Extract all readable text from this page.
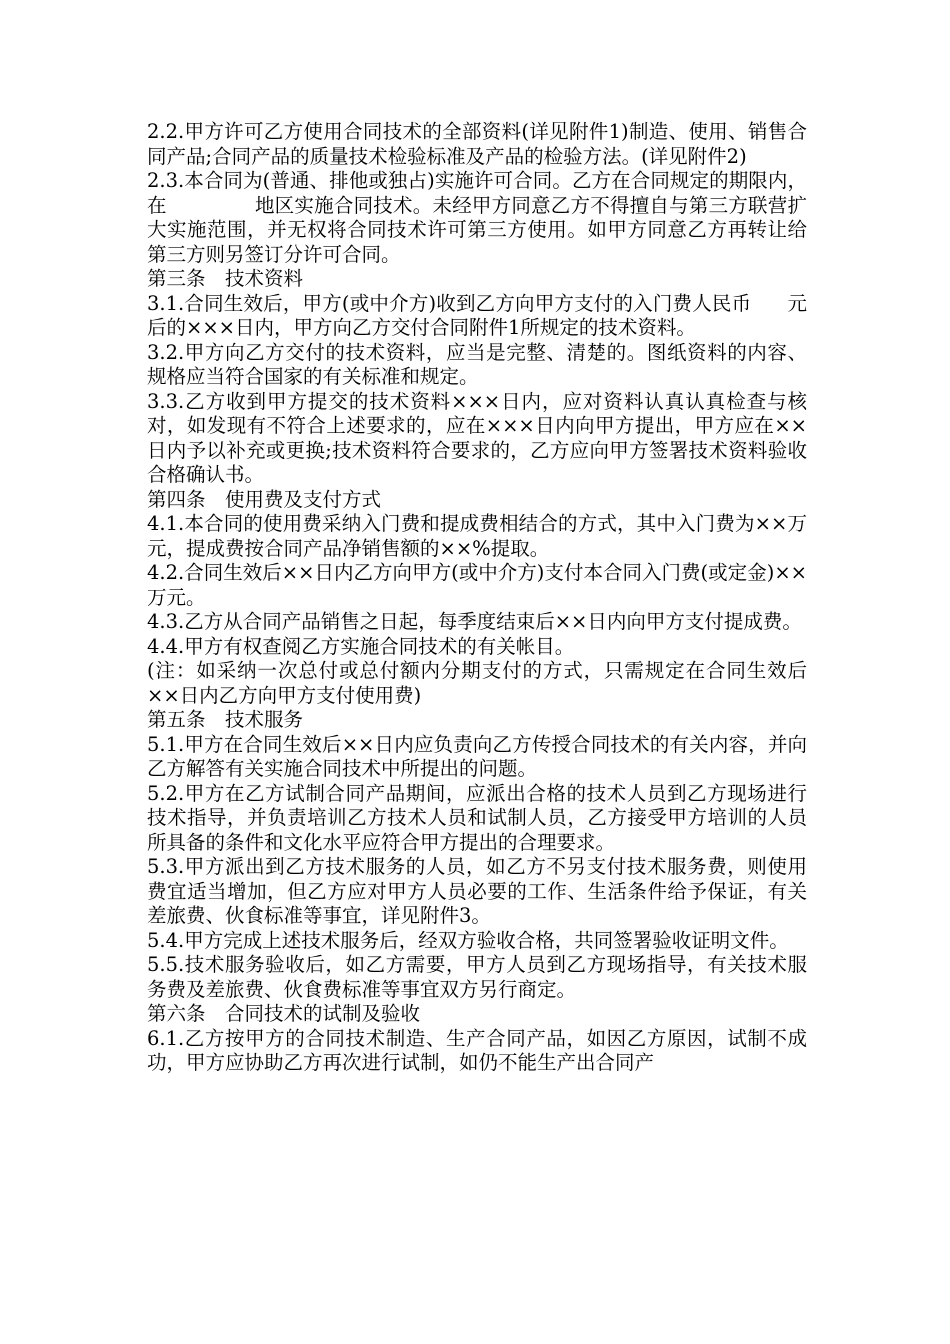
2.2.甲方许可乙方使用合同技术的全部资料(详见附件1)制造、使用、销售合同产品;合同产品的质量技术检验标准及产品的检验方法。(详见附件2)

2.3.本合同为(普通、排他或独占)实施许可合同。乙方在合同规定的期限内，在	地区实施合同技术。未经甲方同意乙方不得擅自与第三方联营扩大实施范围，并无权将合同技术许可第三方使用。如甲方同意乙方再转让给第三方则另签订分许可合同。

第三条　技术资料

3.1.合同生效后，甲方(或中介方)收到乙方向甲方支付的入门费人民币 元后的×××日内，甲方向乙方交付合同附件1所规定的技术资料。

3.2.甲方向乙方交付的技术资料，应当是完整、清楚的。图纸资料的内容、规格应当符合国家的有关标准和规定。

3.3.乙方收到甲方提交的技术资料×××日内，应对资料认真认真检查与核对，如发现有不符合上述要求的，应在×××日内向甲方提出，甲方应在××日内予以补充或更换;技术资料符合要求的，乙方应向甲方签署技术资料验收合格确认书。

第四条　使用费及支付方式

4.1.本合同的使用费采纳入门费和提成费相结合的方式，其中入门费为××万元，提成费按合同产品净销售额的××%提取。

4.2.合同生效后××日内乙方向甲方(或中介方)支付本合同入门费(或定金)××万元。

4.3.乙方从合同产品销售之日起，每季度结束后××日内向甲方支付提成费。

4.4.甲方有权查阅乙方实施合同技术的有关帐目。

(注：如采纳一次总付或总付额内分期支付的方式，只需规定在合同生效后××日内乙方向甲方支付使用费)

第五条　技术服务

5.1.甲方在合同生效后××日内应负责向乙方传授合同技术的有关内容，并向乙方解答有关实施合同技术中所提出的问题。

5.2.甲方在乙方试制合同产品期间，应派出合格的技术人员到乙方现场进行技术指导，并负责培训乙方技术人员和试制人员，乙方接受甲方培训的人员所具备的条件和文化水平应符合甲方提出的合理要求。

5.3.甲方派出到乙方技术服务的人员，如乙方不另支付技术服务费，则使用费宜适当增加，但乙方应对甲方人员必要的工作、生活条件给予保证，有关差旅费、伙食标准等事宜，详见附件3。

5.4.甲方完成上述技术服务后，经双方验收合格，共同签署验收证明文件。

5.5.技术服务验收后，如乙方需要，甲方人员到乙方现场指导，有关技术服务费及差旅费、伙食费标准等事宜双方另行商定。

第六条　合同技术的试制及验收

6.1.乙方按甲方的合同技术制造、生产合同产品，如因乙方原因，试制不成功，甲方应协助乙方再次进行试制，如仍不能生产出合同产
